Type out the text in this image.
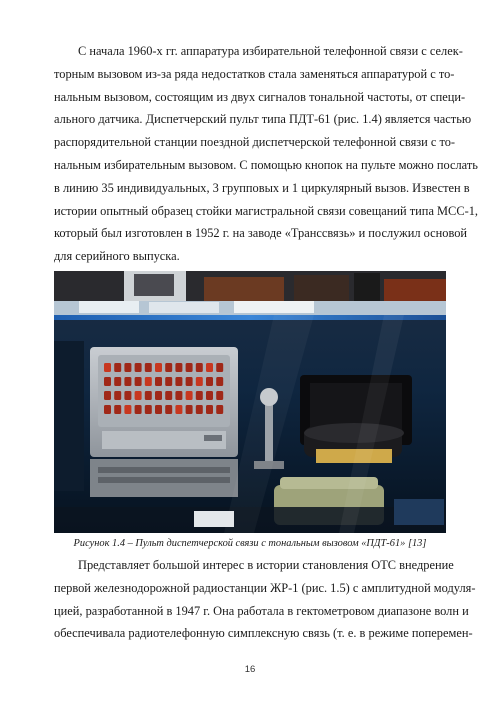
С начала 1960-х гг. аппаратура избирательной телефонной связи с селек-
торным вызовом из-за ряда недостатков стала заменяться аппаратурой с то-
нальным вызовом, состоящим из двух сигналов тональной частоты, от специ-
ального датчика. Диспетчерский пульт типа ПДТ-61 (рис. 1.4) является частью
распорядительной станции поездной диспетчерской телефонной связи с то-
нальным избирательным вызовом. С помощью кнопок на пульте можно послать
в линию 35 индивидуальных, 3 групповых и 1 циркулярный вызов. Известен в
истории опытный образец стойки магистральной связи совещаний типа МСС-1,
который был изготовлен в 1952 г. на заводе «Транссвязь» и послужил основой
для серийного выпуска.

Рисунок 1.4 – Пульт диспетчерской связи с тональным вызовом «ПДТ-61» [13]

Представляет большой интерес в истории становления ОТС внедрение
первой железнодорожной радиостанции ЖР-1 (рис. 1.5) с амплитудной модуля-
цией, разработанной в 1947 г. Она работала в гектометровом диапазоне волн и
обеспечивала радиотелефонную симплексную связь (т. е. в режиме поперемен-

16
